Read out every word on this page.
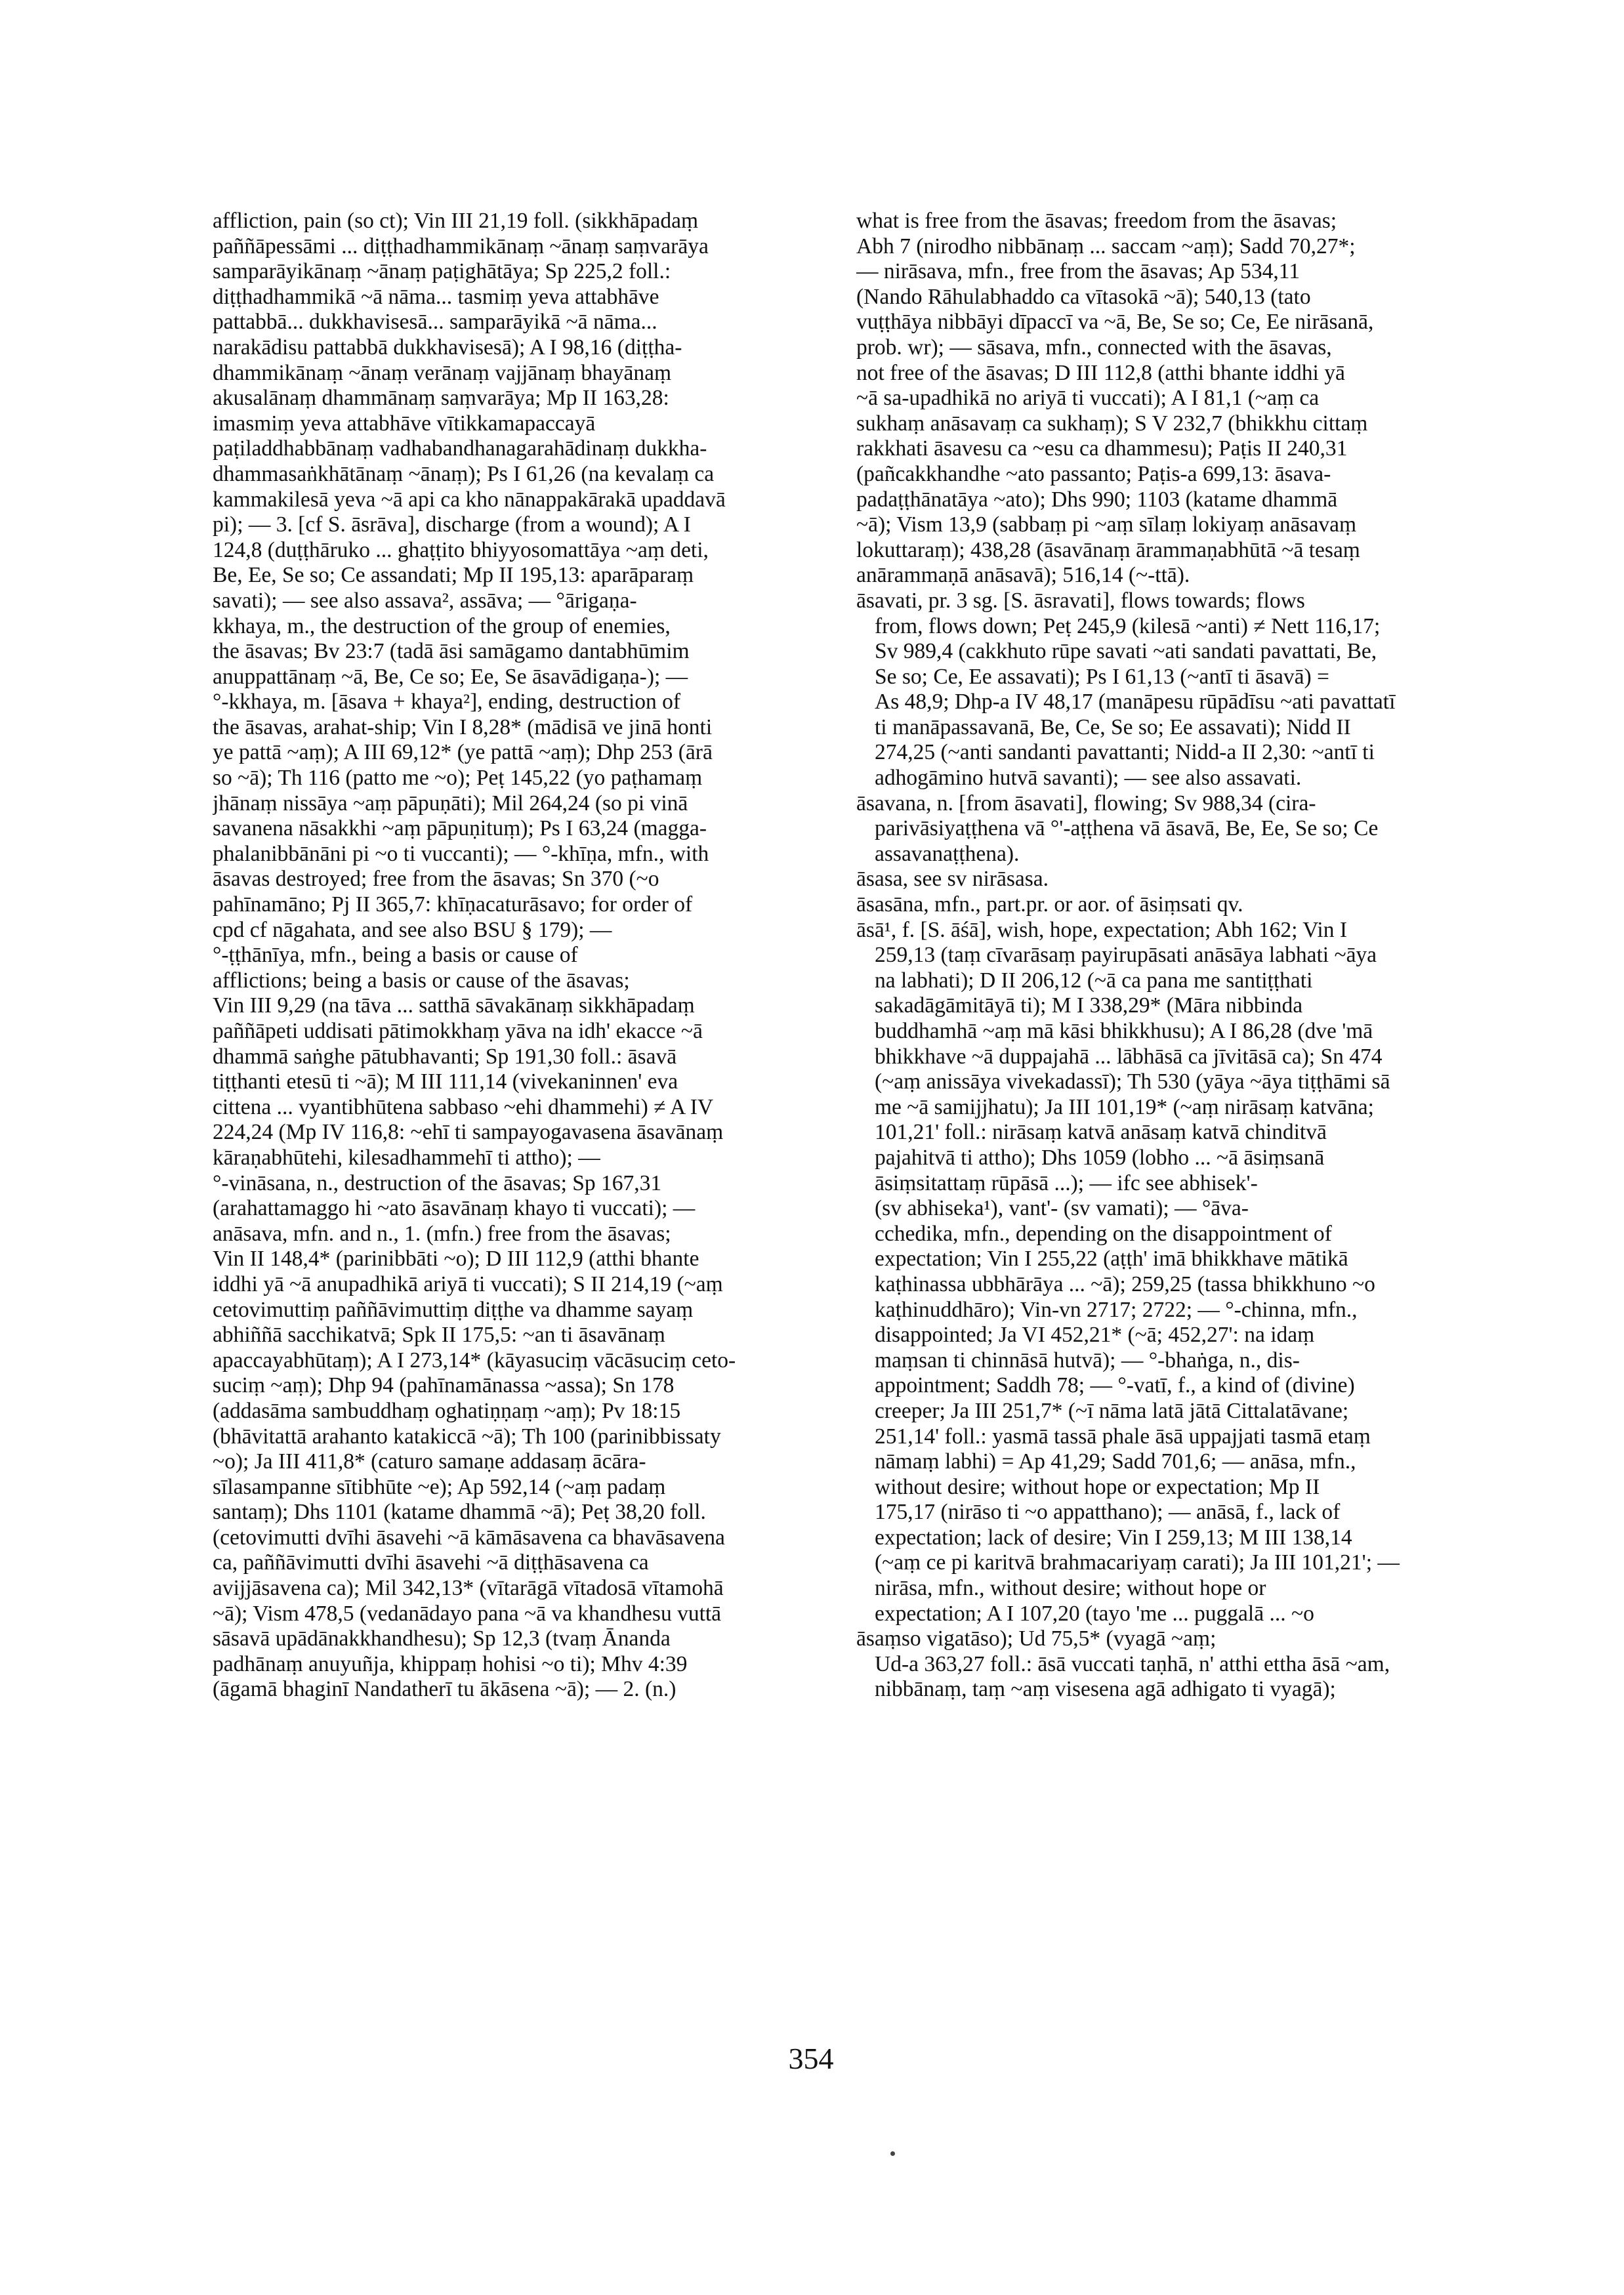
affliction, pain (so ct); Vin III 21,19 foll. (sikkhāpadaṃ
paññāpessāmi ... diṭṭhadhammikānaṃ ~ānaṃ saṃvarāya
samparāyikānaṃ ~ānaṃ paṭighātāya; Sp 225,2 foll.:
diṭṭhadhammikā ~ā nāma... tasmiṃ yeva attabhāve
pattabbā... dukkhavisesā... samparāyikā ~ā nāma...
narakādisu pattabbā dukkhavisesā); A I 98,16 (diṭṭha-
dhammikānaṃ ~ānaṃ verānaṃ vajjānaṃ bhayānaṃ
akusalānaṃ dhammānaṃ saṃvarāya; Mp II 163,28:
imasmiṃ yeva attabhāve vītikkamapaccayā
paṭiladdhabbānaṃ vadhabandhanagarahādinaṃ dukkha-
dhammasaṅkhātānaṃ ~ānaṃ); Ps I 61,26 (na kevalaṃ ca
kammakilesā yeva ~ā api ca kho nānappakārakā upaddavā
pi); — 3. [cf S. āsrāva], discharge (from a wound); A I
124,8 (duṭṭhāruko ... ghaṭṭito bhiyyosomattāya ~aṃ deti,
Be, Ee, Se so; Ce assandati; Mp II 195,13: aparāparaṃ
savati); — see also assava², assāva; — °ārigaṇa-
kkhaya, m., the destruction of the group of enemies,
the āsavas; Bv 23:7 (tadā āsi samāgamo dantabhūmim
anuppattānaṃ ~ā, Be, Ce so; Ee, Se āsavādigaṇa-); —
°-kkhaya, m. [āsava + khaya²], ending, destruction of
the āsavas, arahat-ship; Vin I 8,28* (mādisā ve jinā honti
ye pattā ~aṃ); A III 69,12* (ye pattā ~aṃ); Dhp 253 (ārā
so ~ā); Th 116 (patto me ~o); Peṭ 145,22 (yo paṭhamaṃ
jhānaṃ nissāya ~aṃ pāpuṇāti); Mil 264,24 (so pi vinā
savanena nāsakkhi ~aṃ pāpuṇituṃ); Ps I 63,24 (magga-
phalanibbānāni pi ~o ti vuccanti); — °-khīṇa, mfn., with
āsavas destroyed; free from the āsavas; Sn 370 (~o
pahīnamāno; Pj II 365,7: khīṇacaturāsavo; for order of
cpd cf nāgahata, and see also BSU § 179); —
°-ṭṭhānīya, mfn., being a basis or cause of
afflictions; being a basis or cause of the āsavas;
Vin III 9,29 (na tāva ... satthā sāvakānaṃ sikkhāpadaṃ
paññāpeti uddisati pātimokkhaṃ yāva na idh' ekacce ~ā
dhammā saṅghe pātubhavanti; Sp 191,30 foll.: āsavā
tiṭṭhanti etesū ti ~ā); M III 111,14 (vivekaninnen' eva
cittena ... vyantibhūtena sabbaso ~ehi dhammehi) ≠ A IV
224,24 (Mp IV 116,8: ~ehī ti sampayogavasena āsavānaṃ
kāraṇabhūtehi, kilesadhammehī ti attho); —
°-vināsana, n., destruction of the āsavas; Sp 167,31
(arahattamaggo hi ~ato āsavānaṃ khayo ti vuccati); —
anāsava, mfn. and n., 1. (mfn.) free from the āsavas;
Vin II 148,4* (parinibbāti ~o); D III 112,9 (atthi bhante
iddhi yā ~ā anupadhikā ariyā ti vuccati); S II 214,19 (~aṃ
cetovimuttiṃ paññāvimuttiṃ diṭṭhe va dhamme sayaṃ
abhiññā sacchikatvā; Spk II 175,5: ~an ti āsavānaṃ
apaccayabhūtaṃ); A I 273,14* (kāyasuciṃ vācāsuciṃ ceto-
suciṃ ~aṃ); Dhp 94 (pahīnamānassa ~assa); Sn 178
(addasāma sambuddhaṃ oghatiṇṇaṃ ~aṃ); Pv 18:15
(bhāvitattā arahanto katakiccā ~ā); Th 100 (parinibbissaty
~o); Ja III 411,8* (caturo samaṇe addasaṃ ācāra-
sīlasampanne sītibhūte ~e); Ap 592,14 (~aṃ padaṃ
santaṃ); Dhs 1101 (katame dhammā ~ā); Peṭ 38,20 foll.
(cetovimutti dvīhi āsavehi ~ā kāmāsavena ca bhavāsavena
ca, paññāvimutti dvīhi āsavehi ~ā diṭṭhāsavena ca
avijjāsavena ca); Mil 342,13* (vītarāgā vītadosā vītamohā
~ā); Vism 478,5 (vedanādayo pana ~ā va khandhesu vuttā
sāsavā upādānakkhandhesu); Sp 12,3 (tvaṃ Ānanda
padhānaṃ anuyuñja, khippaṃ hohisi ~o ti); Mhv 4:39
(āgamā bhaginī Nandatherī tu ākāsena ~ā); — 2. (n.)
what is free from the āsavas; freedom from the āsavas;
Abh 7 (nirodho nibbānaṃ ... saccam ~aṃ); Sadd 70,27*;
— nirāsava, mfn., free from the āsavas; Ap 534,11
(Nando Rāhulabhaddo ca vītasokā ~ā); 540,13 (tato
vuṭṭhāya nibbāyi dīpaccī va ~ā, Be, Se so; Ce, Ee nirāsanā,
prob. wr); — sāsava, mfn., connected with the āsavas,
not free of the āsavas; D III 112,8 (atthi bhante iddhi yā
~ā sa-upadhikā no ariyā ti vuccati); A I 81,1 (~aṃ ca
sukhaṃ anāsavaṃ ca sukhaṃ); S V 232,7 (bhikkhu cittaṃ
rakkhati āsavesu ca ~esu ca dhammesu); Paṭis II 240,31
(pañcakkhandhe ~ato passanto; Paṭis-a 699,13: āsava-
padaṭṭhānatāya ~ato); Dhs 990; 1103 (katame dhammā
~ā); Vism 13,9 (sabbaṃ pi ~aṃ sīlaṃ lokiyaṃ anāsavaṃ
lokuttaraṃ); 438,28 (āsavānaṃ ārammaṇabhūtā ~ā tesaṃ
anārammaṇā anāsavā); 516,14 (~-ttā).
āsavati, pr. 3 sg. [S. āsravati], flows towards; flows
from, flows down; Peṭ 245,9 (kilesā ~anti) ≠ Nett 116,17;
Sv 989,4 (cakkhuto rūpe savati ~ati sandati pavattati, Be,
Se so; Ce, Ee assavati); Ps I 61,13 (~antī ti āsavā) =
As 48,9; Dhp-a IV 48,17 (manāpesu rūpādīsu ~ati pavattatī
ti manāpassavanā, Be, Ce, Se so; Ee assavati); Nidd II
274,25 (~anti sandanti pavattanti; Nidd-a II 2,30: ~antī ti
adhogāmino hutvā savanti); — see also assavati.
āsavana, n. [from āsavati], flowing; Sv 988,34 (cira-
parivāsiyaṭṭhena vā °'-aṭṭhena vā āsavā, Be, Ee, Se so; Ce
assavanaṭṭhena).
āsasa, see sv nirāsasa.
āsasāna, mfn., part.pr. or aor. of āsiṃsati qv.
āsā¹, f. [S. āśā], wish, hope, expectation; Abh 162; Vin I
259,13 (taṃ cīvarāsaṃ payirupāsati anāsāya labhati ~āya
na labhati); D II 206,12 (~ā ca pana me santiṭṭhati
sakadāgāmitāyā ti); M I 338,29* (Māra nibbinda
buddhamhā ~aṃ mā kāsi bhikkhusu); A I 86,28 (dve 'mā
bhikkhave ~ā duppajahā ... lābhāsā ca jīvitāsā ca); Sn 474
(~aṃ anissāya vivekadassī); Th 530 (yāya ~āya tiṭṭhāmi sā
me ~ā samijjhatu); Ja III 101,19* (~aṃ nirāsaṃ katvāna;
101,21' foll.: nirāsaṃ katvā anāsaṃ katvā chinditvā
pajahitvā ti attho); Dhs 1059 (lobho ... ~ā āsiṃsanā
āsiṃsitattaṃ rūpāsā ...); — ifc see abhisek'-
(sv abhiseka¹), vant'- (sv vamati); — °āva-
cchedika, mfn., depending on the disappointment of
expectation; Vin I 255,22 (aṭṭh' imā bhikkhave mātikā
kaṭhinassa ubbhārāya ... ~ā); 259,25 (tassa bhikkhuno ~o
kaṭhinuddhāro); Vin-vn 2717; 2722; — °-chinna, mfn.,
disappointed; Ja VI 452,21* (~ā; 452,27': na idaṃ
maṃsan ti chinnāsā hutvā); — °-bhaṅga, n., dis-
appointment; Saddh 78; — °-vatī, f., a kind of (divine)
creeper; Ja III 251,7* (~ī nāma latā jātā Cittalatāvane;
251,14' foll.: yasmā tassā phale āsā uppajjati tasmā etaṃ
nāmaṃ labhi) = Ap 41,29; Sadd 701,6; — anāsa, mfn.,
without desire; without hope or expectation; Mp II
175,17 (nirāso ti ~o appatthano); — anāsā, f., lack of
expectation; lack of desire; Vin I 259,13; M III 138,14
(~aṃ ce pi karitvā brahmacariyaṃ carati); Ja III 101,21'; —
nirāsa, mfn., without desire; without hope or
expectation; A I 107,20 (tayo 'me ... puggalā ... ~o
āsaṃso vigatāso); Ud 75,5* (vyagā ~aṃ;
Ud-a 363,27 foll.: āsā vuccati taṇhā, n' atthi ettha āsā ~am,
nibbānaṃ, taṃ ~aṃ visesena agā adhigato ti vyagā);
354
